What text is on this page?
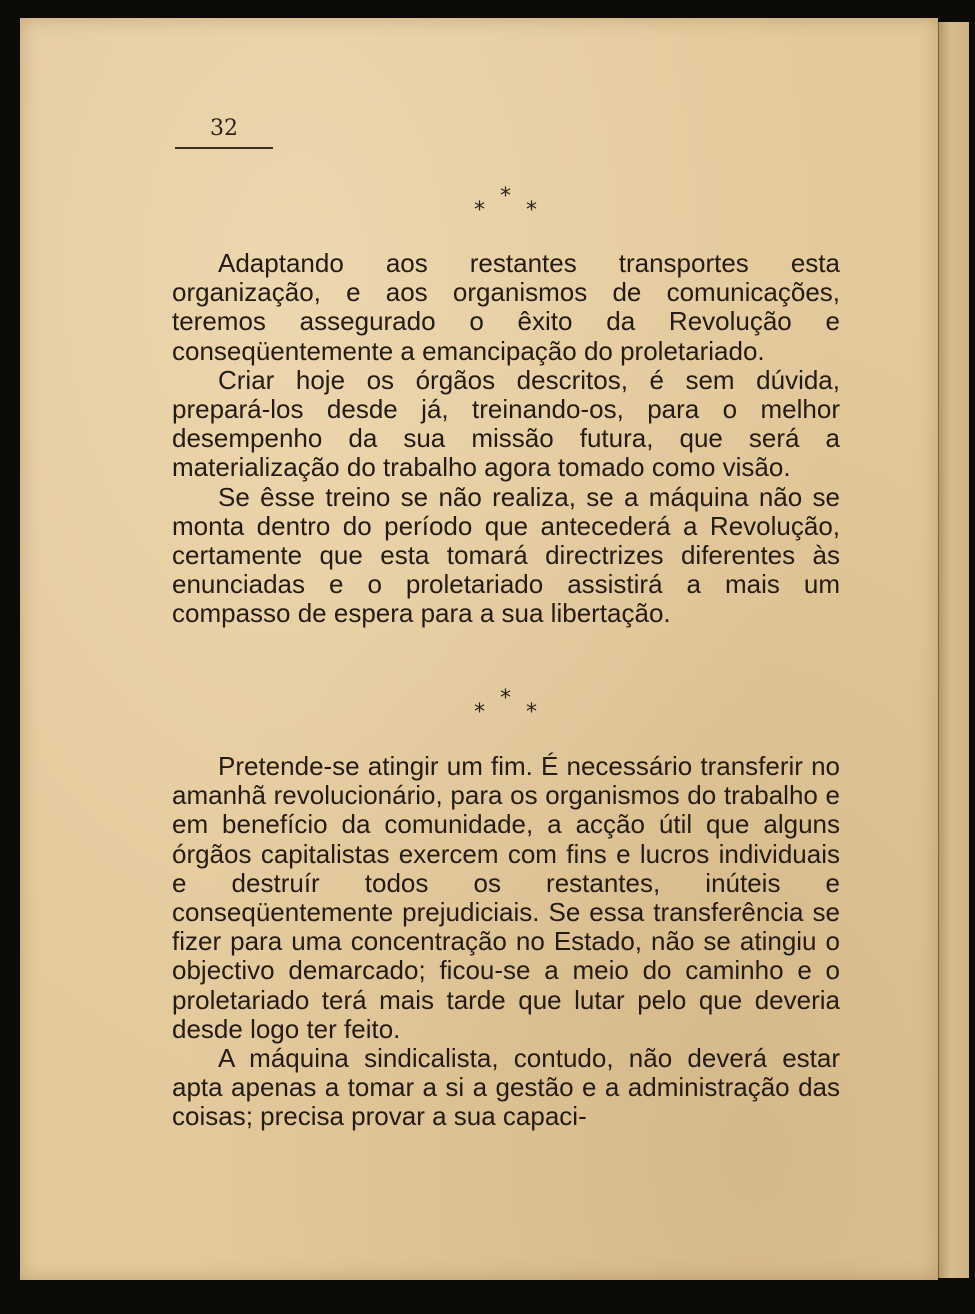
32
*
* *

Adaptando aos restantes transportes esta organização, e aos organismos de comunicações, teremos assegurado o êxito da Revolução e conseqüentemente a emancipação do proletariado.

Criar hoje os órgãos descritos, é sem dúvida, prepará-los desde já, treinando-os, para o melhor desempenho da sua missão futura, que será a materialização do trabalho agora tomado como visão.

Se êsse treino se não realiza, se a máquina não se monta dentro do período que antecederá a Revolução, certamente que esta tomará directrizes diferentes às enunciadas e o proletariado assistirá a mais um compasso de espera para a sua libertação.

*
* *

Pretende-se atingir um fim. É necessário transferir no amanhã revolucionário, para os organismos do trabalho e em benefício da comunidade, a acção útil que alguns órgãos capitalistas exercem com fins e lucros individuais e destruír todos os restantes, inúteis e conseqüentemente prejudiciais. Se essa transferência se fizer para uma concentração no Estado, não se atingiu o objectivo demarcado; ficou-se a meio do caminho e o proletariado terá mais tarde que lutar pelo que deveria desde logo ter feito.

A máquina sindicalista, contudo, não deverá estar apta apenas a tomar a si a gestão e a administração das coisas; precisa provar a sua capaci-
